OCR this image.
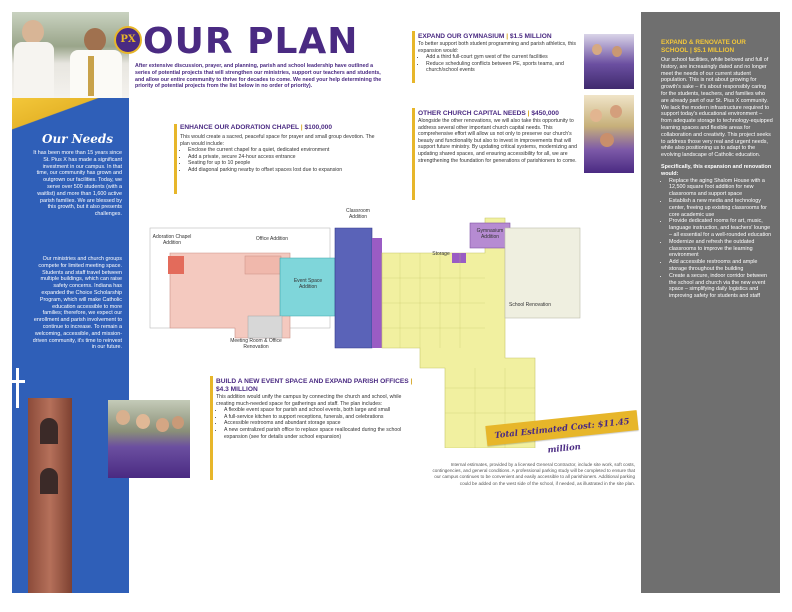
Our Needs
It has been more than 15 years since St. Pius X has made a significant investment in our campus. In that time, our community has grown and outgrown our facilities. Today, we serve over 500 students (with a waitlist) and more than 1,600 active parish families. We are blessed by this growth, but it also presents challenges.
Our ministries and church groups compete for limited meeting space. Students and staff travel between multiple buildings, which can raise safety concerns. Indiana has expanded the Choice Scholarship Program, which will make Catholic education accessible to more families; therefore, we expect our enrollment and parish involvement to continue to increase. To remain a welcoming, accessible, and mission-driven community, it's time to reinvest in our future.
PX OUR PLAN
After extensive discussion, prayer, and planning, parish and school leadership have outlined a series of potential projects that will strengthen our ministries, support our teachers and students, and allow our entire community to thrive for decades to come. We need your help determining the priority of potential projects from the list below in no order of priority).
ENHANCE OUR ADORATION CHAPEL | $100,000
This would create a sacred, peaceful space for prayer and small group devotion. The plan would include:
• Enclose the current chapel for a quiet, dedicated environment
• Add a private, secure 24-hour access entrance
• Seating for up to 10 people
• Add diagonal parking nearby to offset spaces lost due to expansion
EXPAND OUR GYMNASIUM | $1.5 MILLION
To better support both student programming and parish athletics, this expansion would:
• Add a third full-court gym west of the current facilities
• Reduce scheduling conflicts between PE, sports teams, and church/school events
OTHER CHURCH CAPITAL NEEDS | $450,000
Alongside the other renovations, we will also take this opportunity to address several other important church capital needs. This comprehensive effort will allow us not only to preserve our church's beauty and functionality but also to invest in improvements that will support future ministry. By updating critical systems, modernizing and updating shared spaces, and ensuring accessibility for all, we are strengthening the foundation for generations of parishioners to come.
EXPAND & RENOVATE OUR SCHOOL | $5.1 MILLION
Our school facilities, while beloved and full of history, are increasingly dated and no longer meet the needs of our current student population. This is not about growing for growth's sake – it's about responsibly caring for the students, teachers, and families who are already part of our St. Pius X community. We lack the modern infrastructure required to support today's educational environment – from adequate storage to technology-equipped learning spaces and flexible areas for collaboration and creativity. This project seeks to address those very real and urgent needs, while also positioning us to adapt to the evolving landscape of Catholic education.
Specifically, this expansion and renovation would:
• Replace the aging Shalom House with a 12,500 square foot addition for new classrooms and support space
• Establish a new media and technology center, freeing up existing classrooms for core academic use
• Provide dedicated rooms for art, music, language instruction, and teachers' lounge – all essential for a well-rounded education
• Modernize and refresh the outdated classrooms to improve the learning environment
• Add accessible restrooms and ample storage throughout the building
• Create a secure, indoor corridor between the school and church via the new event space – simplifying daily logistics and improving safety for students and staff
Adoration Chapel Addition
Office Addition
Classroom Addition
Gymnasium Addition
Storage
Event Space Addition
Meeting Room & Office Renovation
School Renovation
BUILD A NEW EVENT SPACE AND EXPAND PARISH OFFICES | $4.3 MILLION
This addition would unify the campus by connecting the church and school, while creating much-needed space for gatherings and staff. The plan includes:
• A flexible event space for parish and school events, both large and small
• A full-service kitchen to support receptions, funerals, and celebrations
• Accessible restrooms and abundant storage space
• A new centralized parish office to replace space reallocated during the school expansion (see for details under school expansion)	Total Estimated Cost: $11.45 million
Internal estimates, provided by a licensed General Contractor, include site work, soft costs, contingencies, and general conditions. A professional parking study will be completed to ensure that our campus continues to be convenient and easily accessible to all parishioners. Additional parking could be added on the west side of the school, if needed, as illustrated in the site plan.
